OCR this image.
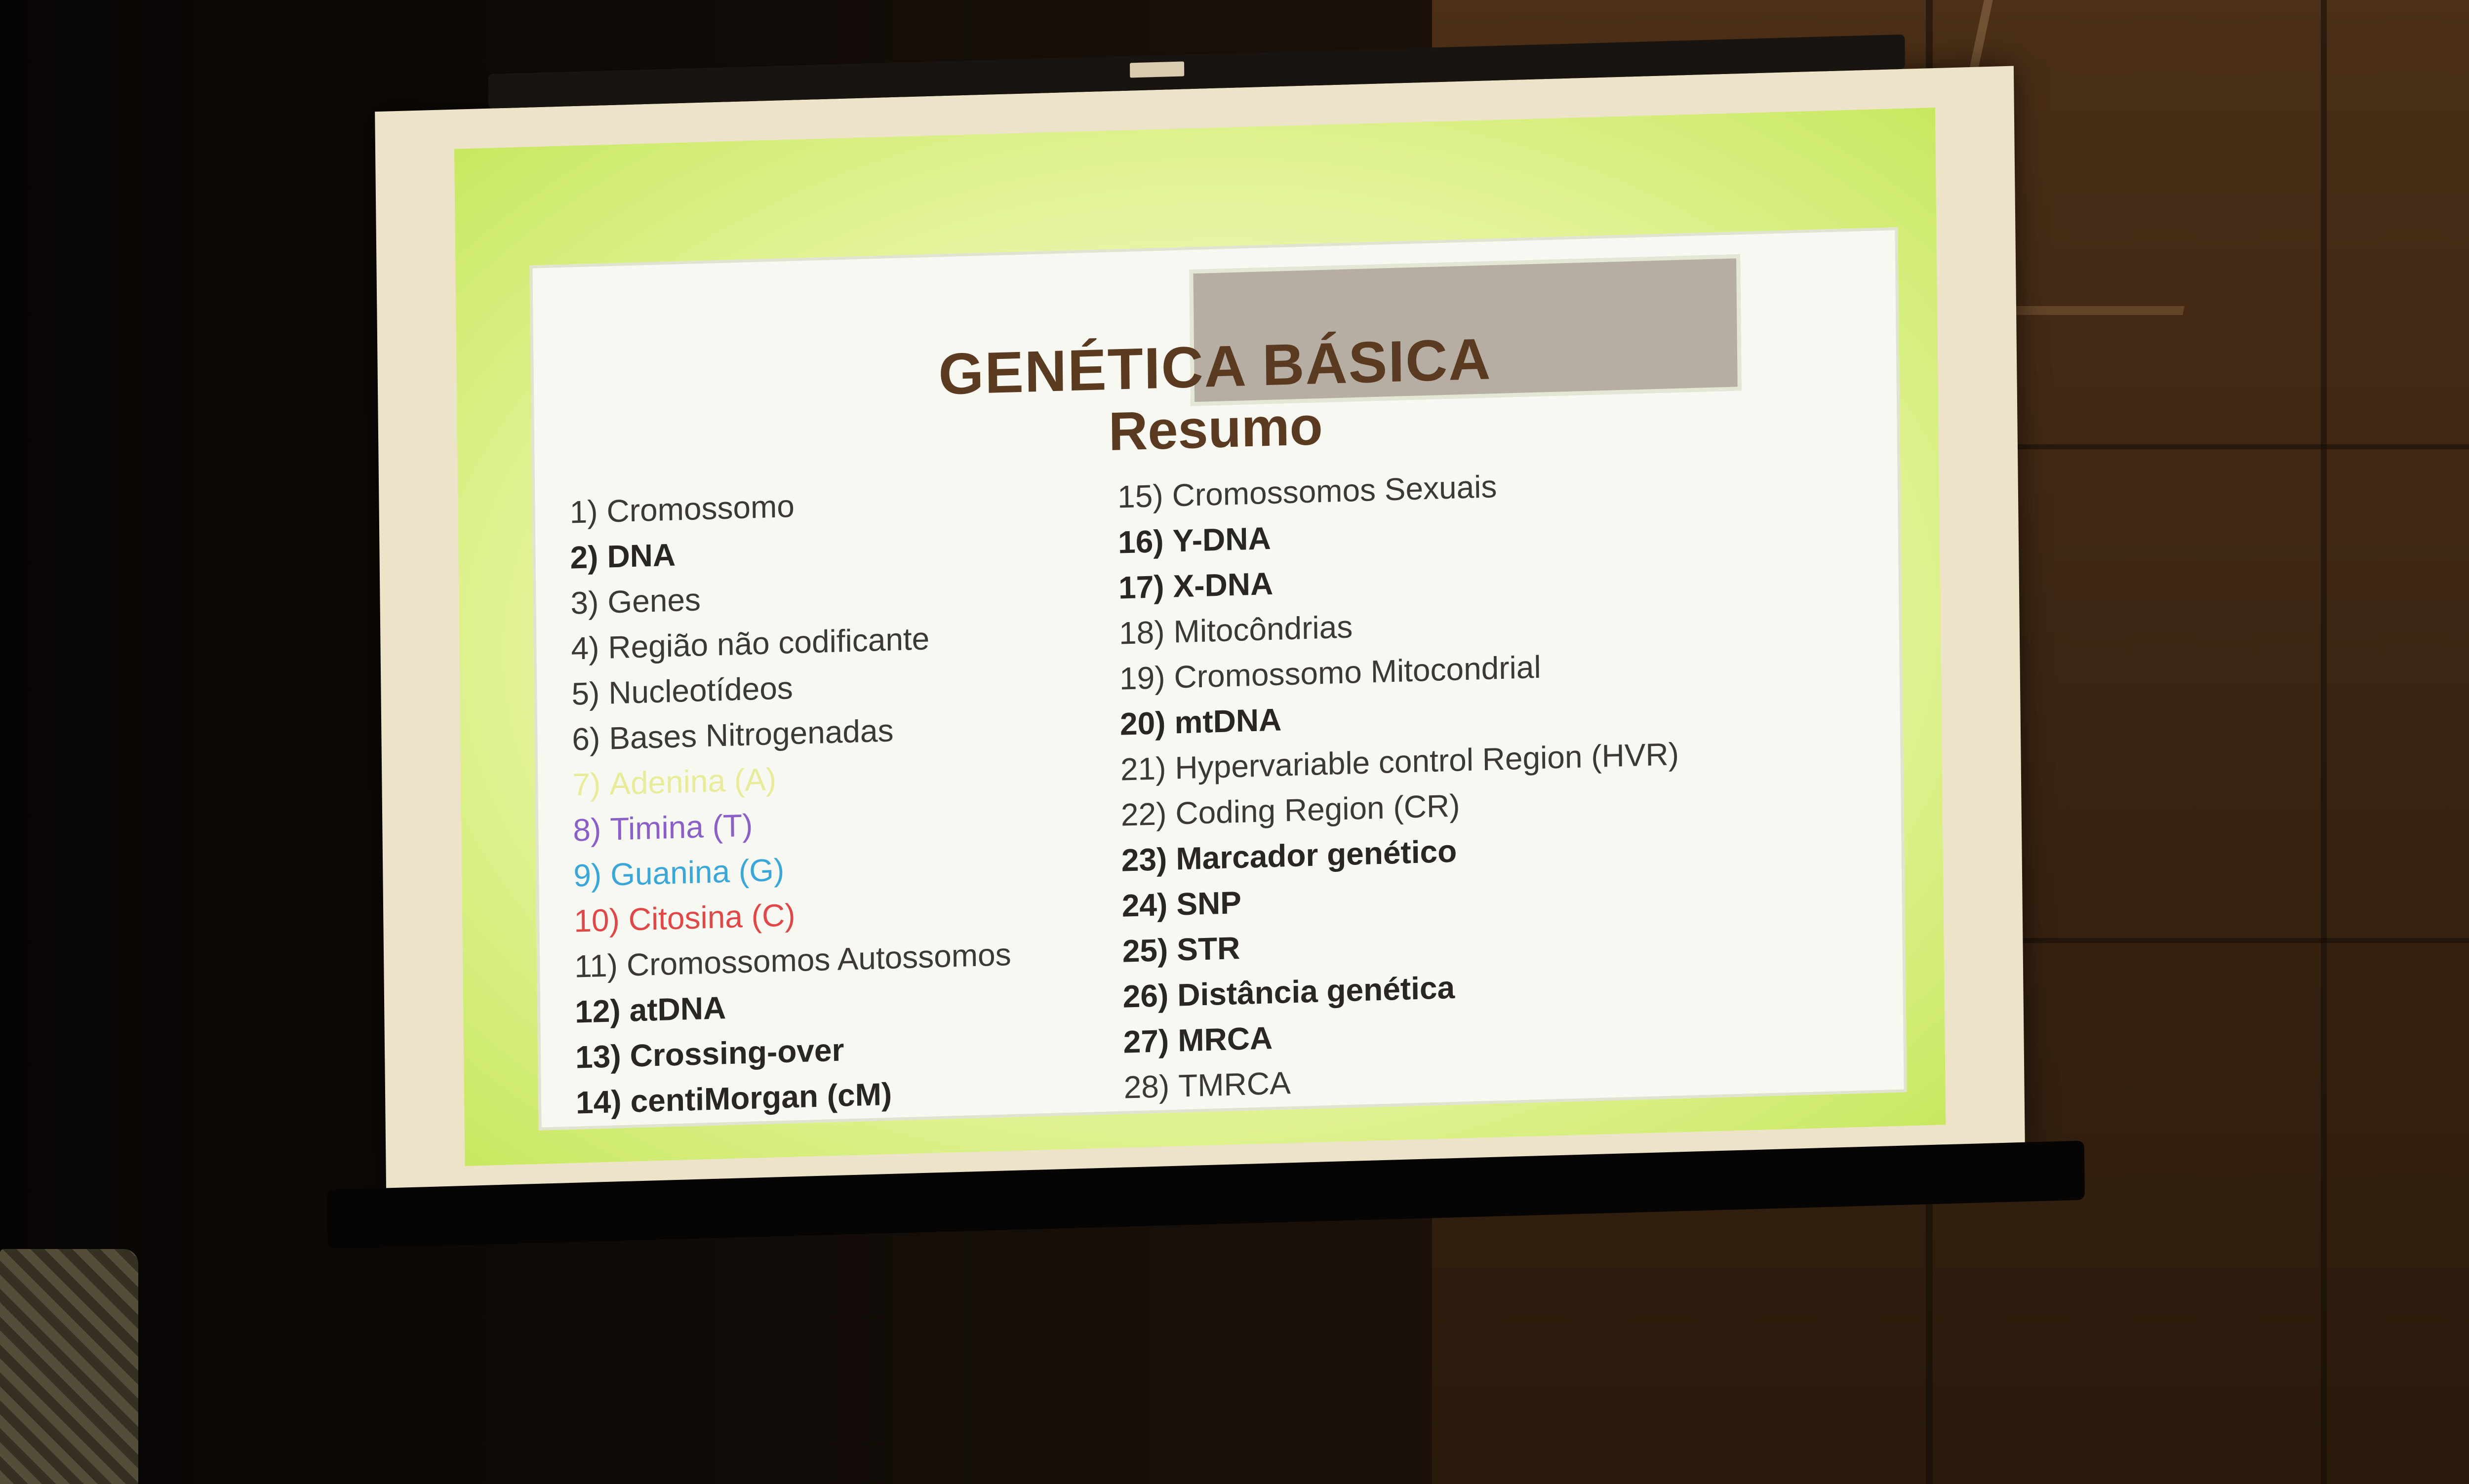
GENÉTICA BÁSICA
Resumo
1) Cromossomo
2) DNA
3) Genes
4) Região não codificante
5) Nucleotídeos
6) Bases Nitrogenadas
7) Adenina (A)
8) Timina (T)
9) Guanina (G)
10) Citosina (C)
11) Cromossomos Autossomos
12) atDNA
13) Crossing-over
14) centiMorgan (cM)
15) Cromossomos Sexuais
16) Y-DNA
17) X-DNA
18) Mitocôndrias
19) Cromossomo Mitocondrial
20) mtDNA
21) Hypervariable control Region (HVR)
22) Coding Region (CR)
23) Marcador genético
24) SNP
25) STR
26) Distância genética
27) MRCA
28) TMRCA
